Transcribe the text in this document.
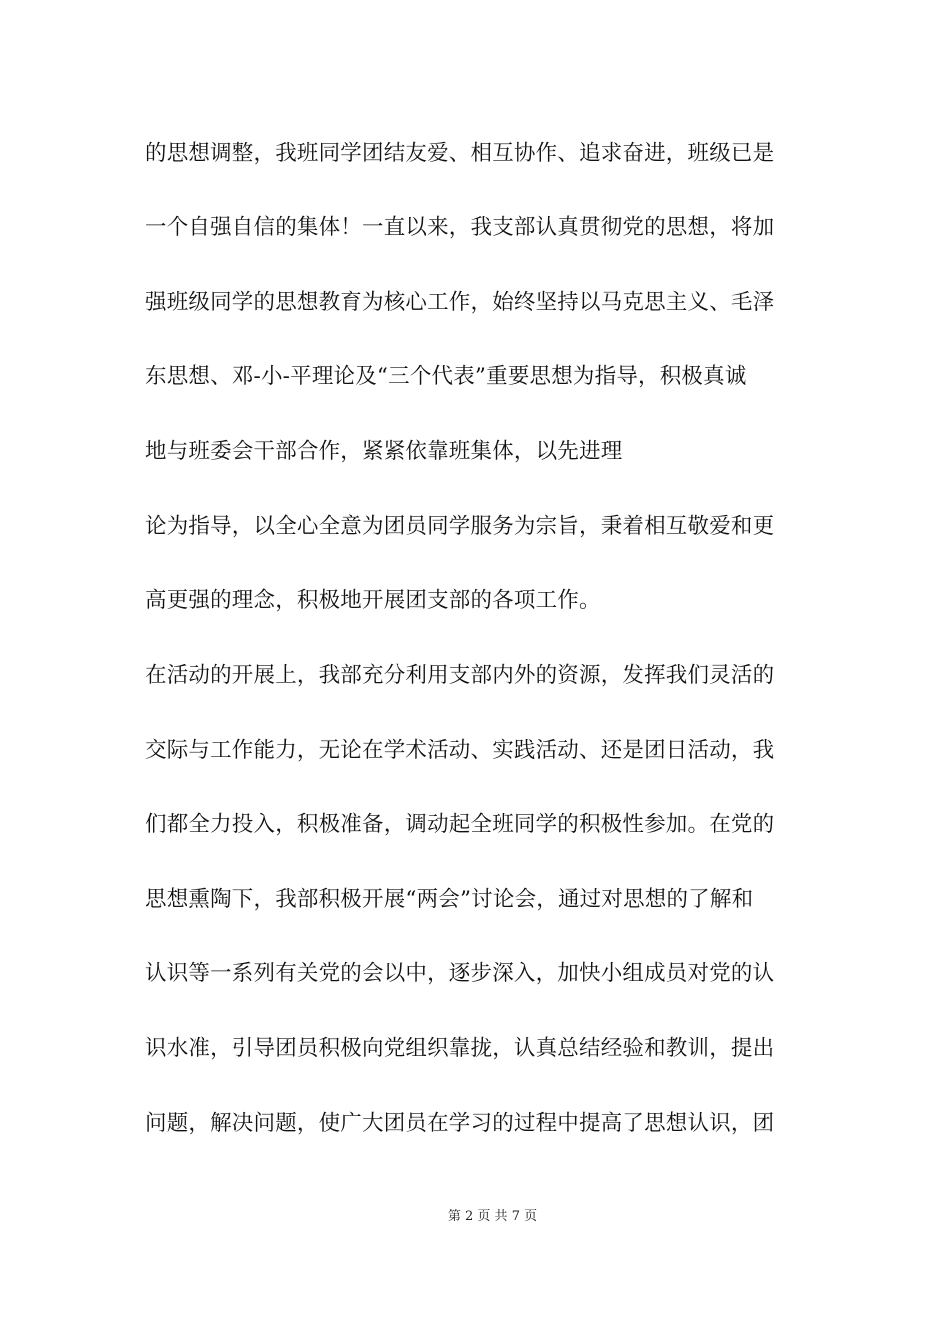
的思想调整，我班同学团结友爱、相互协作、追求奋进，班级已是
一个自强自信的集体！一直以来，我支部认真贯彻党的思想，将加
强班级同学的思想教育为核心工作，始终坚持以马克思主义、毛泽
东思想、邓-小-平理论及“三个代表”重要思想为指导，积极真诚
地与班委会干部合作，紧紧依靠班集体，以先进理
论为指导，以全心全意为团员同学服务为宗旨，秉着相互敬爱和更
高更强的理念，积极地开展团支部的各项工作。
在活动的开展上，我部充分利用支部内外的资源，发挥我们灵活的
交际与工作能力，无论在学术活动、实践活动、还是团日活动，我
们都全力投入，积极准备，调动起全班同学的积极性参加。在党的
思想熏陶下，我部积极开展“两会”讨论会，通过对思想的了解和
认识等一系列有关党的会以中，逐步深入，加快小组成员对党的认
识水准，引导团员积极向党组织靠拢，认真总结经验和教训，提出
问题，解决问题，使广大团员在学习的过程中提高了思想认识，团
第 2 页 共 7 页
